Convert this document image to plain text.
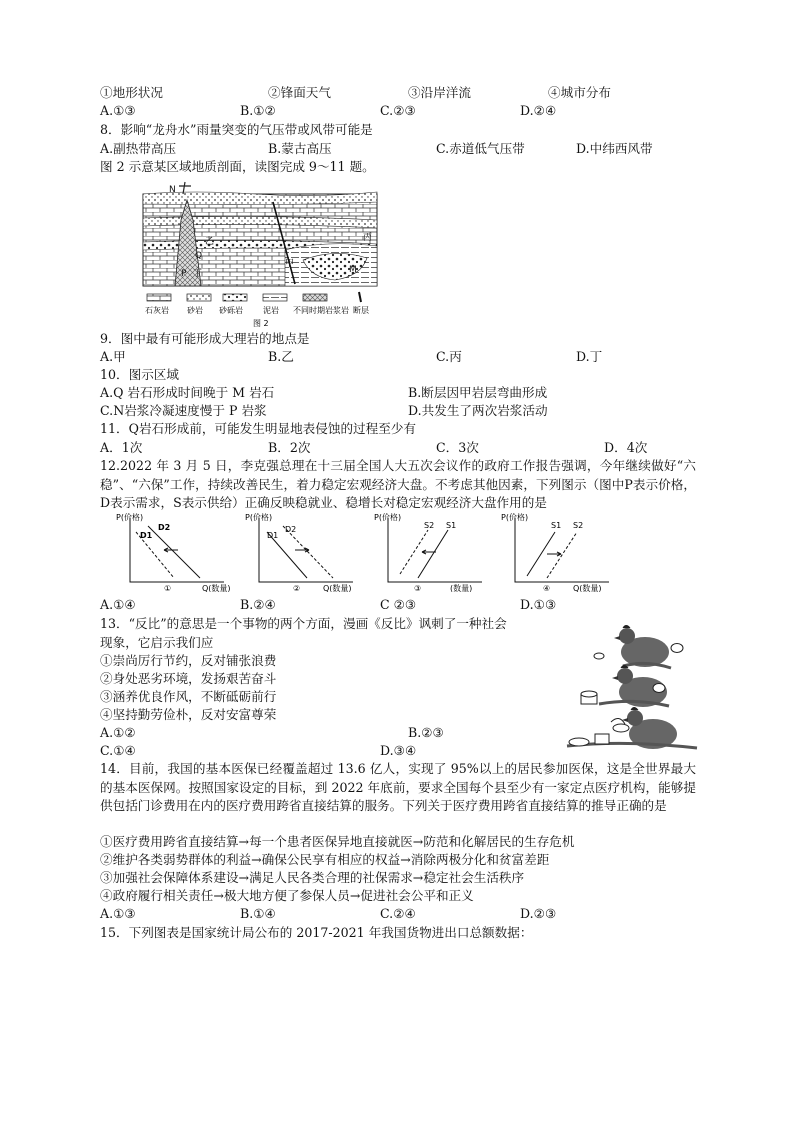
①地形状况	②锋面天气	③沿岸洋流	④城市分布
A.①③	B.①②	C.②③	D.②④
8．影响“龙舟水”雨量突变的气压带或风带可能是
A.副热带高压	B.蒙古高压	C.赤道低气压带	D.中纬西风带
图 2 示意某区域地质剖面，读图完成 9～11 题。
乙	丙
甲
丁
Q
P	M
N
石灰岩 砂岩 砂砾岩	泥岩 不同时期岩浆岩 断层
图 2
9．图中最有可能形成大理岩的地点是
A.甲	B.乙	C.丙	D.丁
10．图示区域
A.Q 岩石形成时间晚于 M 岩石	B.断层因甲岩层弯曲形成
C.N岩浆冷凝速度慢于 P 岩浆	D.共发生了两次岩浆活动
11．Q岩石形成前，可能发生明显地表侵蚀的过程至少有
A．1次	B．2次	C．3次	D．4次
12.2022 年 3 月 5 日，李克强总理在十三届全国人大五次会议作的政府工作报告强调，今年继续做好“六稳”、“六保”工作，持续改善民生，着力稳定宏观经济大盘。不考虑其他因素，下列图示（图中P表示价格，D表示需求，S表示供给）正确反映稳就业、稳增长对稳定宏观经济大盘作用的是
P(价格)
D1
D2
①	Q(数量)
P(价格)
D1
D2
②	Q(数量)
P(价格)
S2 S1
③	(数量)
P(价格)
S1 S2
④	Q(数量)
A.①④	B.②④	C ②③	D.①③
13．“反比”的意思是一个事物的两个方面，漫画《反比》讽刺了一种社会
现象，它启示我们应
①崇尚厉行节约，反对铺张浪费
②身处恶劣环境，发扬艰苦奋斗
③涵养优良作风，不断砥砺前行
④坚持勤劳俭朴，反对安富尊荣
A.①②	B.②③
C.①④	D.③④
14．目前，我国的基本医保已经覆盖超过 13.6 亿人，实现了 95%以上的居民参加医保，这是全世界最大的基本医保网。按照国家设定的目标，到 2022 年底前，要求全国每个县至少有一家定点医疗机构，能够提供包括门诊费用在内的医疗费用跨省直接结算的服务。下列关于医疗费用跨省直接结算的推导正确的是
①医疗费用跨省直接结算→每一个患者医保异地直接就医→防范和化解居民的生存危机
②维护各类弱势群体的利益→确保公民享有相应的权益→消除两极分化和贫富差距
③加强社会保障体系建设→满足人民各类合理的社保需求→稳定社会生活秩序
④政府履行相关责任→极大地方便了参保人员→促进社会公平和正义
A.①③	B.①④	C.②④	D.②③
15．下列图表是国家统计局公布的 2017-2021 年我国货物进出口总额数据：
